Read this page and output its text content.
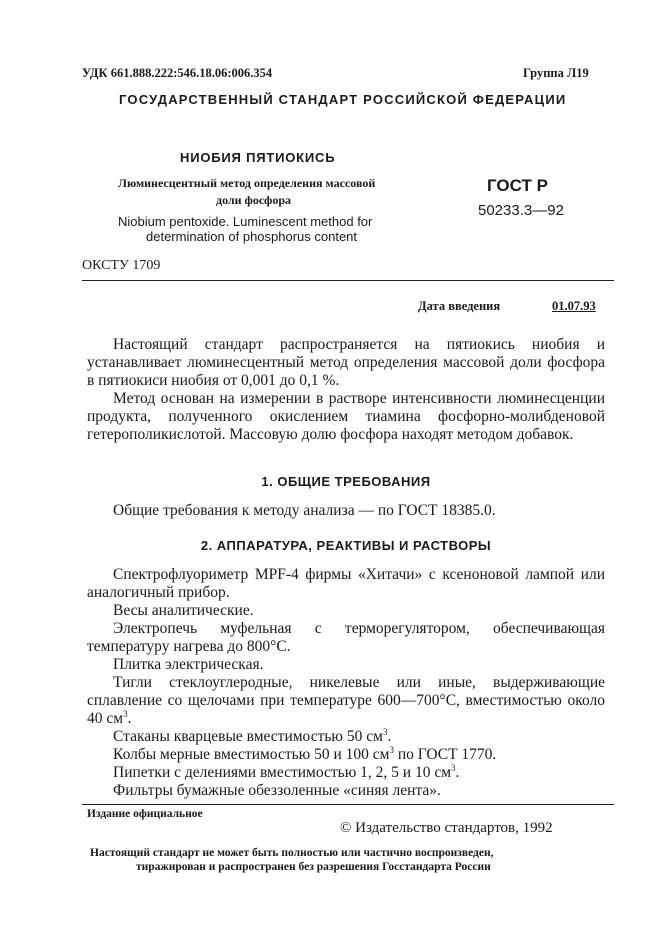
УДК 661.888.222:546.18.06:006.354	Группа Л19
ГОСУДАРСТВЕННЫЙ СТАНДАРТ РОССИЙСКОЙ ФЕДЕРАЦИИ
НИОБИЯ ПЯТИОКИСЬ
Люминесцентный метод определения массовой
доли фосфора
Niobium pentoxide. Luminescent method for
determination of phosphorus content
ГОСТ Р
50233.3—92
ОКСТУ 1709
Дата введения	01.07.93

Настоящий стандарт распространяется на пятиокись ниобия и устанавливает люминесцентный метод определения массовой доли фосфора в пятиокиси ниобия от 0,001 до 0,1 %.

Метод основан на измерении в растворе интенсивности люминесценции продукта, полученного окислением тиамина фосфорно-молибденовой гетерополикислотой. Массовую долю фосфора находят методом добавок.

1. ОБЩИЕ ТРЕБОВАНИЯ

Общие требования к методу анализа — по ГОСТ 18385.0.

2. АППАРАТУРА, РЕАКТИВЫ И РАСТВОРЫ

Спектрофлуориметр MPF-4 фирмы «Хитачи» с ксеноновой лампой или аналогичный прибор.

Весы аналитические.

Электропечь муфельная с терморегулятором, обеспечивающая температуру нагрева до 800°С.

Плитка электрическая.

Тигли стеклоуглеродные, никелевые или иные, выдерживающие сплавление со щелочами при температуре 600—700°С, вместимостью около 40 $см^3$.

Стаканы кварцевые вместимостью 50 $см^3$.

Колбы мерные вместимостью 50 и 100 $см^3$ по ГОСТ 1770.

Пипетки с делениями вместимостью 1, 2, 5 и 10 $см^3$.

Фильтры бумажные обеззоленные «синяя лента».

Издание официальное
© Издательство стандартов, 1992
Настоящий стандарт не может быть полностью или частично воспроизведен,
тиражирован и распространен без разрешения Госстандарта России
